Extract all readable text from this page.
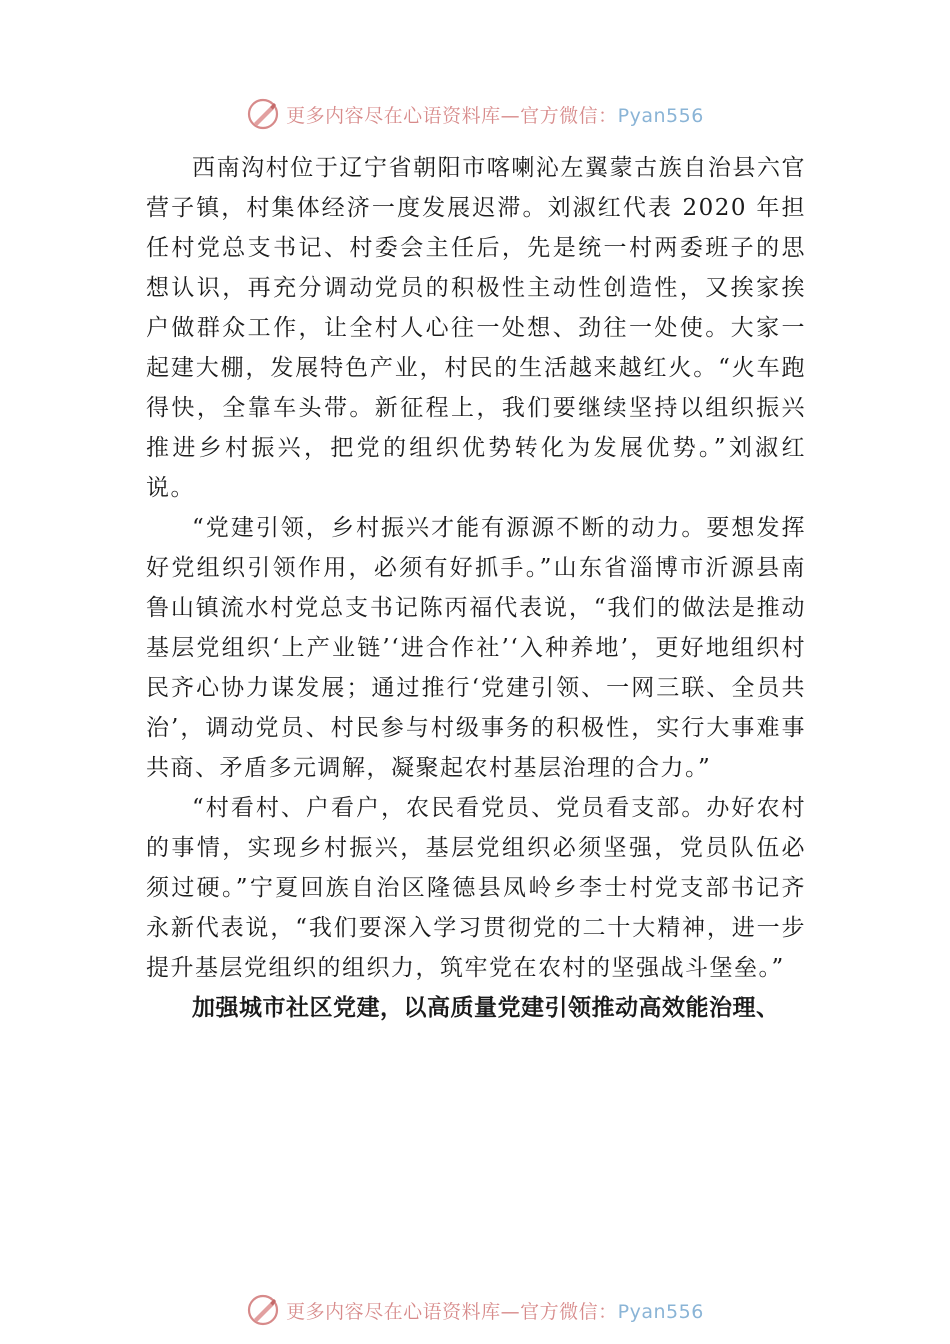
更多内容尽在心语资料库—官方微信：Pyan556

西南沟村位于辽宁省朝阳市喀喇沁左翼蒙古族自治县六官营子镇，村集体经济一度发展迟滞。刘淑红代表 2020 年担任村党总支书记、村委会主任后，先是统一村两委班子的思想认识，再充分调动党员的积极性主动性创造性，又挨家挨户做群众工作，让全村人心往一处想、劲往一处使。大家一起建大棚，发展特色产业，村民的生活越来越红火。“火车跑得快，全靠车头带。新征程上，我们要继续坚持以组织振兴推进乡村振兴，把党的组织优势转化为发展优势。”刘淑红说。

“党建引领，乡村振兴才能有源源不断的动力。要想发挥好党组织引领作用，必须有好抓手。”山东省淄博市沂源县南鲁山镇流水村党总支书记陈丙福代表说，“我们的做法是推动基层党组织‘上产业链’‘进合作社’‘入种养地’，更好地组织村民齐心协力谋发展；通过推行‘党建引领、一网三联、全员共治’，调动党员、村民参与村级事务的积极性，实行大事难事共商、矛盾多元调解，凝聚起农村基层治理的合力。”

“村看村、户看户，农民看党员、党员看支部。办好农村的事情，实现乡村振兴，基层党组织必须坚强，党员队伍必须过硬。”宁夏回族自治区隆德县凤岭乡李士村党支部书记齐永新代表说，“我们要深入学习贯彻党的二十大精神，进一步提升基层党组织的组织力，筑牢党在农村的坚强战斗堡垒。”

加强城市社区党建，以高质量党建引领推动高效能治理、

更多内容尽在心语资料库—官方微信：Pyan556
